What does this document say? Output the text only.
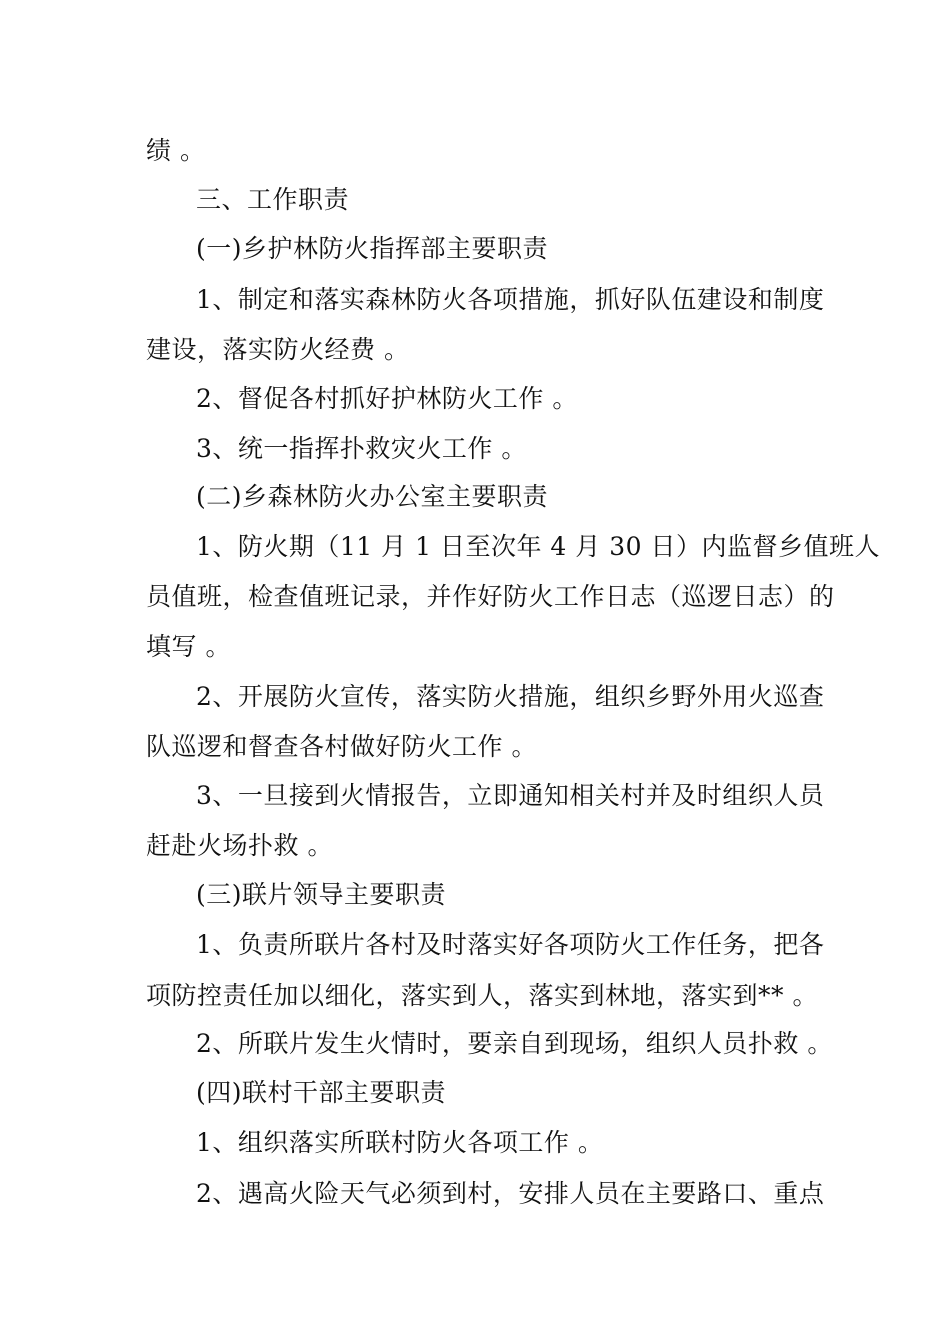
绩 。
三、工作职责
(一)乡护林防火指挥部主要职责
1、制定和落实森林防火各项措施，抓好队伍建设和制度
建设，落实防火经费 。
2、督促各村抓好护林防火工作 。
3、统一指挥扑救灾火工作 。
(二)乡森林防火办公室主要职责
1、防火期（11 月 1 日至次年 4 月 30 日）内监督乡值班人
员值班，检查值班记录，并作好防火工作日志（巡逻日志）的
填写 。
2、开展防火宣传，落实防火措施，组织乡野外用火巡查
队巡逻和督查各村做好防火工作 。
3、一旦接到火情报告，立即通知相关村并及时组织人员
赶赴火场扑救 。
(三)联片领导主要职责
1、负责所联片各村及时落实好各项防火工作任务，把各
项防控责任加以细化，落实到人，落实到林地，落实到** 。
2、所联片发生火情时，要亲自到现场，组织人员扑救 。
(四)联村干部主要职责
1、组织落实所联村防火各项工作 。
2、遇高火险天气必须到村，安排人员在主要路口、重点
